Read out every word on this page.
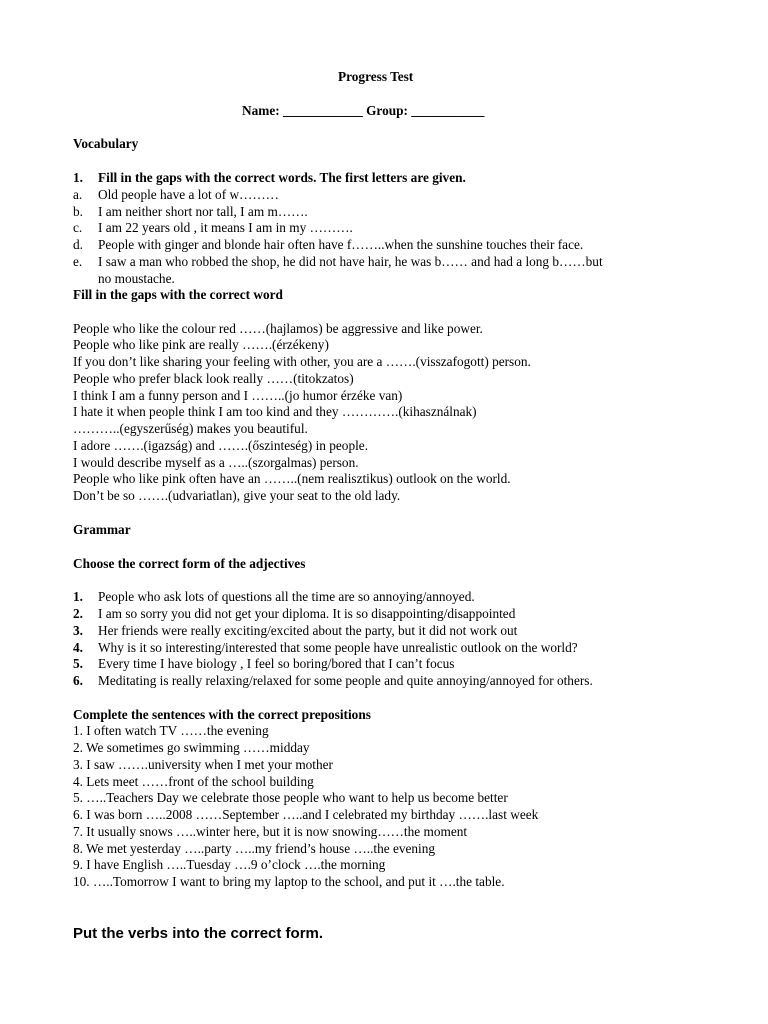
Progress Test
Name: ____________ Group: ___________
Vocabulary
1. Fill in the gaps with the correct words. The first letters are given.
a. Old people have a lot of w………
b. I am neither short nor tall, I am m…….
c. I am 22 years old , it means I am in my ……….
d. People with ginger and blonde hair often have f……..when the sunshine touches their face.
e. I saw a man who robbed the shop, he did not have hair, he was b…… and had a long b……but
no moustache.
Fill in the gaps with the correct word
People who like the colour red ……(hajlamos) be aggressive and like power.
People who like pink are really …….(érzékeny)
If you don’t like sharing your feeling with other, you are a …….(visszafogott) person.
People who prefer black look really ……(titokzatos)
I think I am a funny person and I ……..(jo humor érzéke van)
I hate it when people think I am too kind and they ………….(kihasználnak)
………..(egyszerűség) makes you beautiful.
I adore …….(igazság) and …….(őszinteség) in people.
I would describe myself as a …..(szorgalmas) person.
People who like pink often have an ……..(nem realisztikus) outlook on the world.
Don’t be so …….(udvariatlan), give your seat to the old lady.
Grammar
Choose the correct form of the adjectives
1. People who ask lots of questions all the time are so annoying/annoyed.
2. I am so sorry you did not get your diploma. It is so disappointing/disappointed
3. Her friends were really exciting/excited about the party, but it did not work out
4. Why is it so interesting/interested that some people have unrealistic outlook on the world?
5. Every time I have biology , I feel so boring/bored that I can’t focus
6. Meditating is really relaxing/relaxed for some people and quite annoying/annoyed for others.
Complete the sentences with the correct prepositions
1. I often watch TV ……the evening
2. We sometimes go swimming ……midday
3. I saw …….university when I met your mother
4. Lets meet ……front of the school building
5. …..Teachers Day we celebrate those people who want to help us become better
6. I was born …..2008 ……September …..and I celebrated my birthday …….last week
7. It usually snows …..winter here, but it is now snowing……the moment
8. We met yesterday …..party …..my friend’s house …..the evening
9. I have English …..Tuesday ….9 o’clock ….the morning
10. …..Tomorrow I want to bring my laptop to the school, and put it ….the table.
Put the verbs into the correct form.
